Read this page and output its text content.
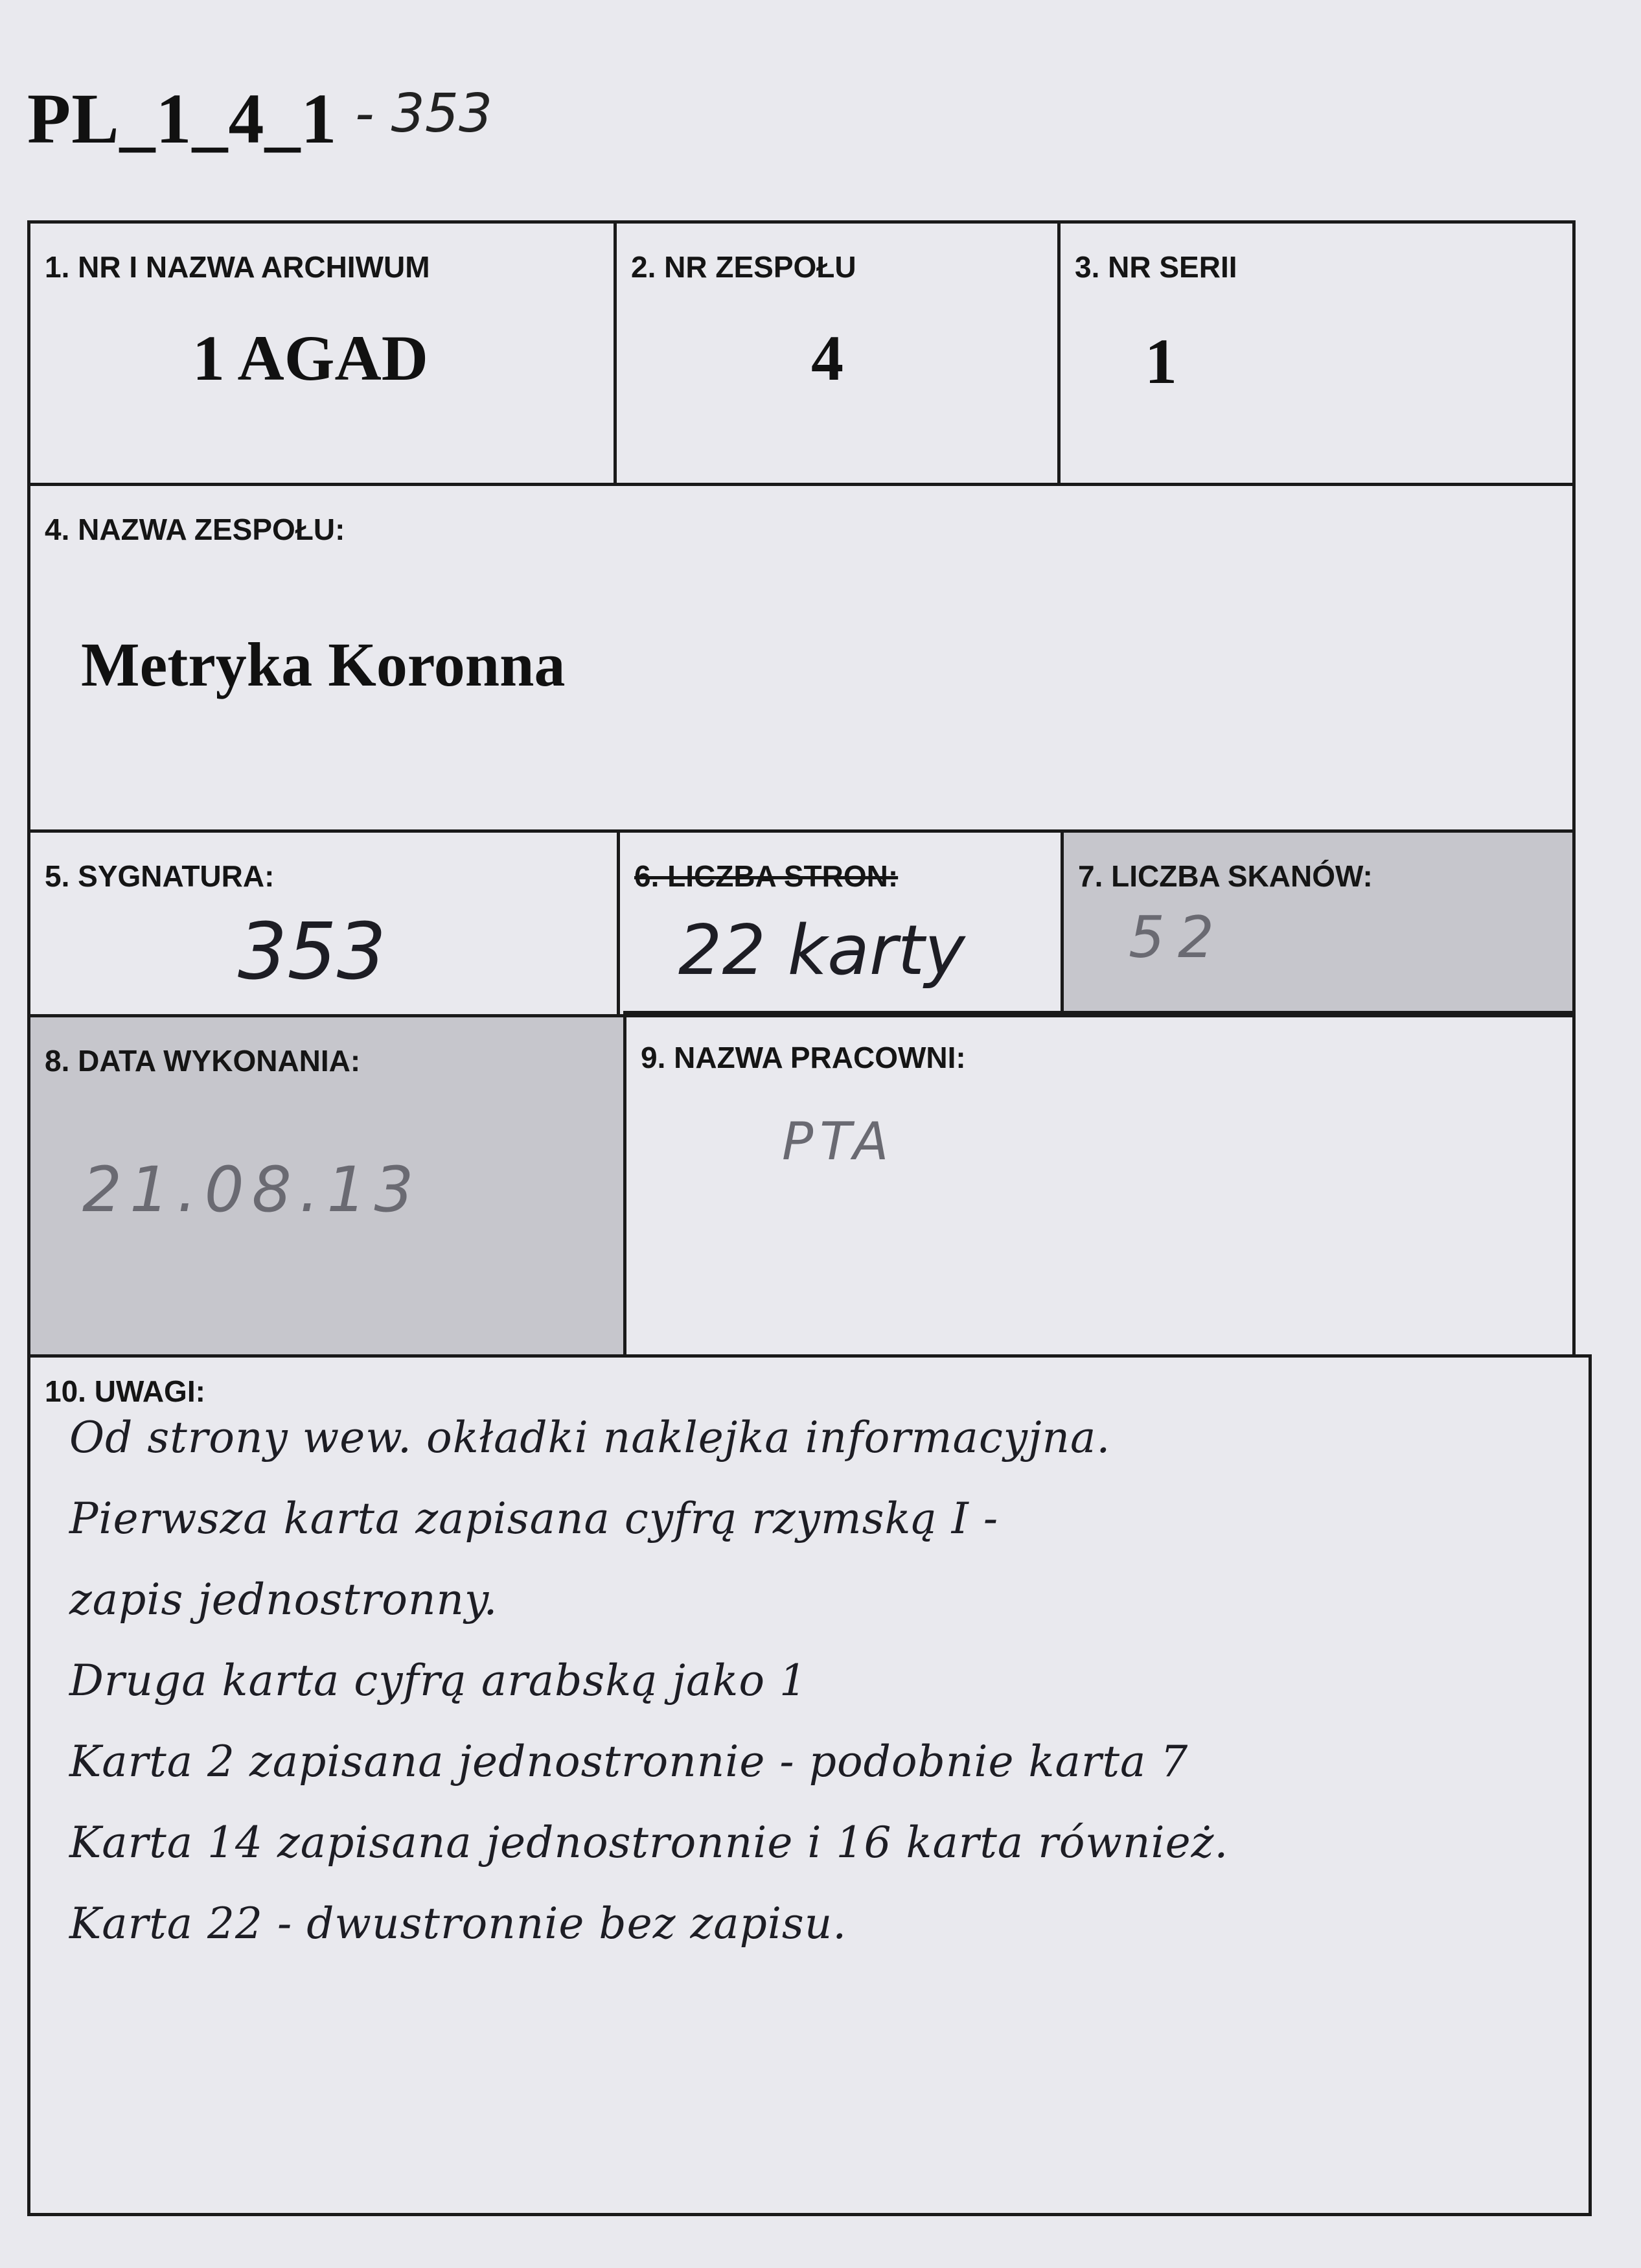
PL_1_4_1 - 353
1. NR I NAZWA ARCHIWUM
1 AGAD
2. NR ZESPOŁU
4
3. NR SERII
1
4. NAZWA ZESPOŁU:
Metryka Koronna
5. SYGNATURA:
353
6. LICZBA STRON:
22 karty
7. LICZBA SKANÓW:
52
8. DATA WYKONANIA:
21.08.13
9. NAZWA PRACOWNI:
PTA
10. UWAGI:
Od strony wew. okładki naklejka informacyjna.
Pierwsza karta zapisana cyfrą rzymską I -
zapis jednostronny.
Druga karta cyfrą arabską jako 1
Karta 2 zapisana jednostronnie - podobnie karta 7
Karta 14 zapisana jednostronnie i 16 karta również.
Karta 22 - dwustronnie bez zapisu.
